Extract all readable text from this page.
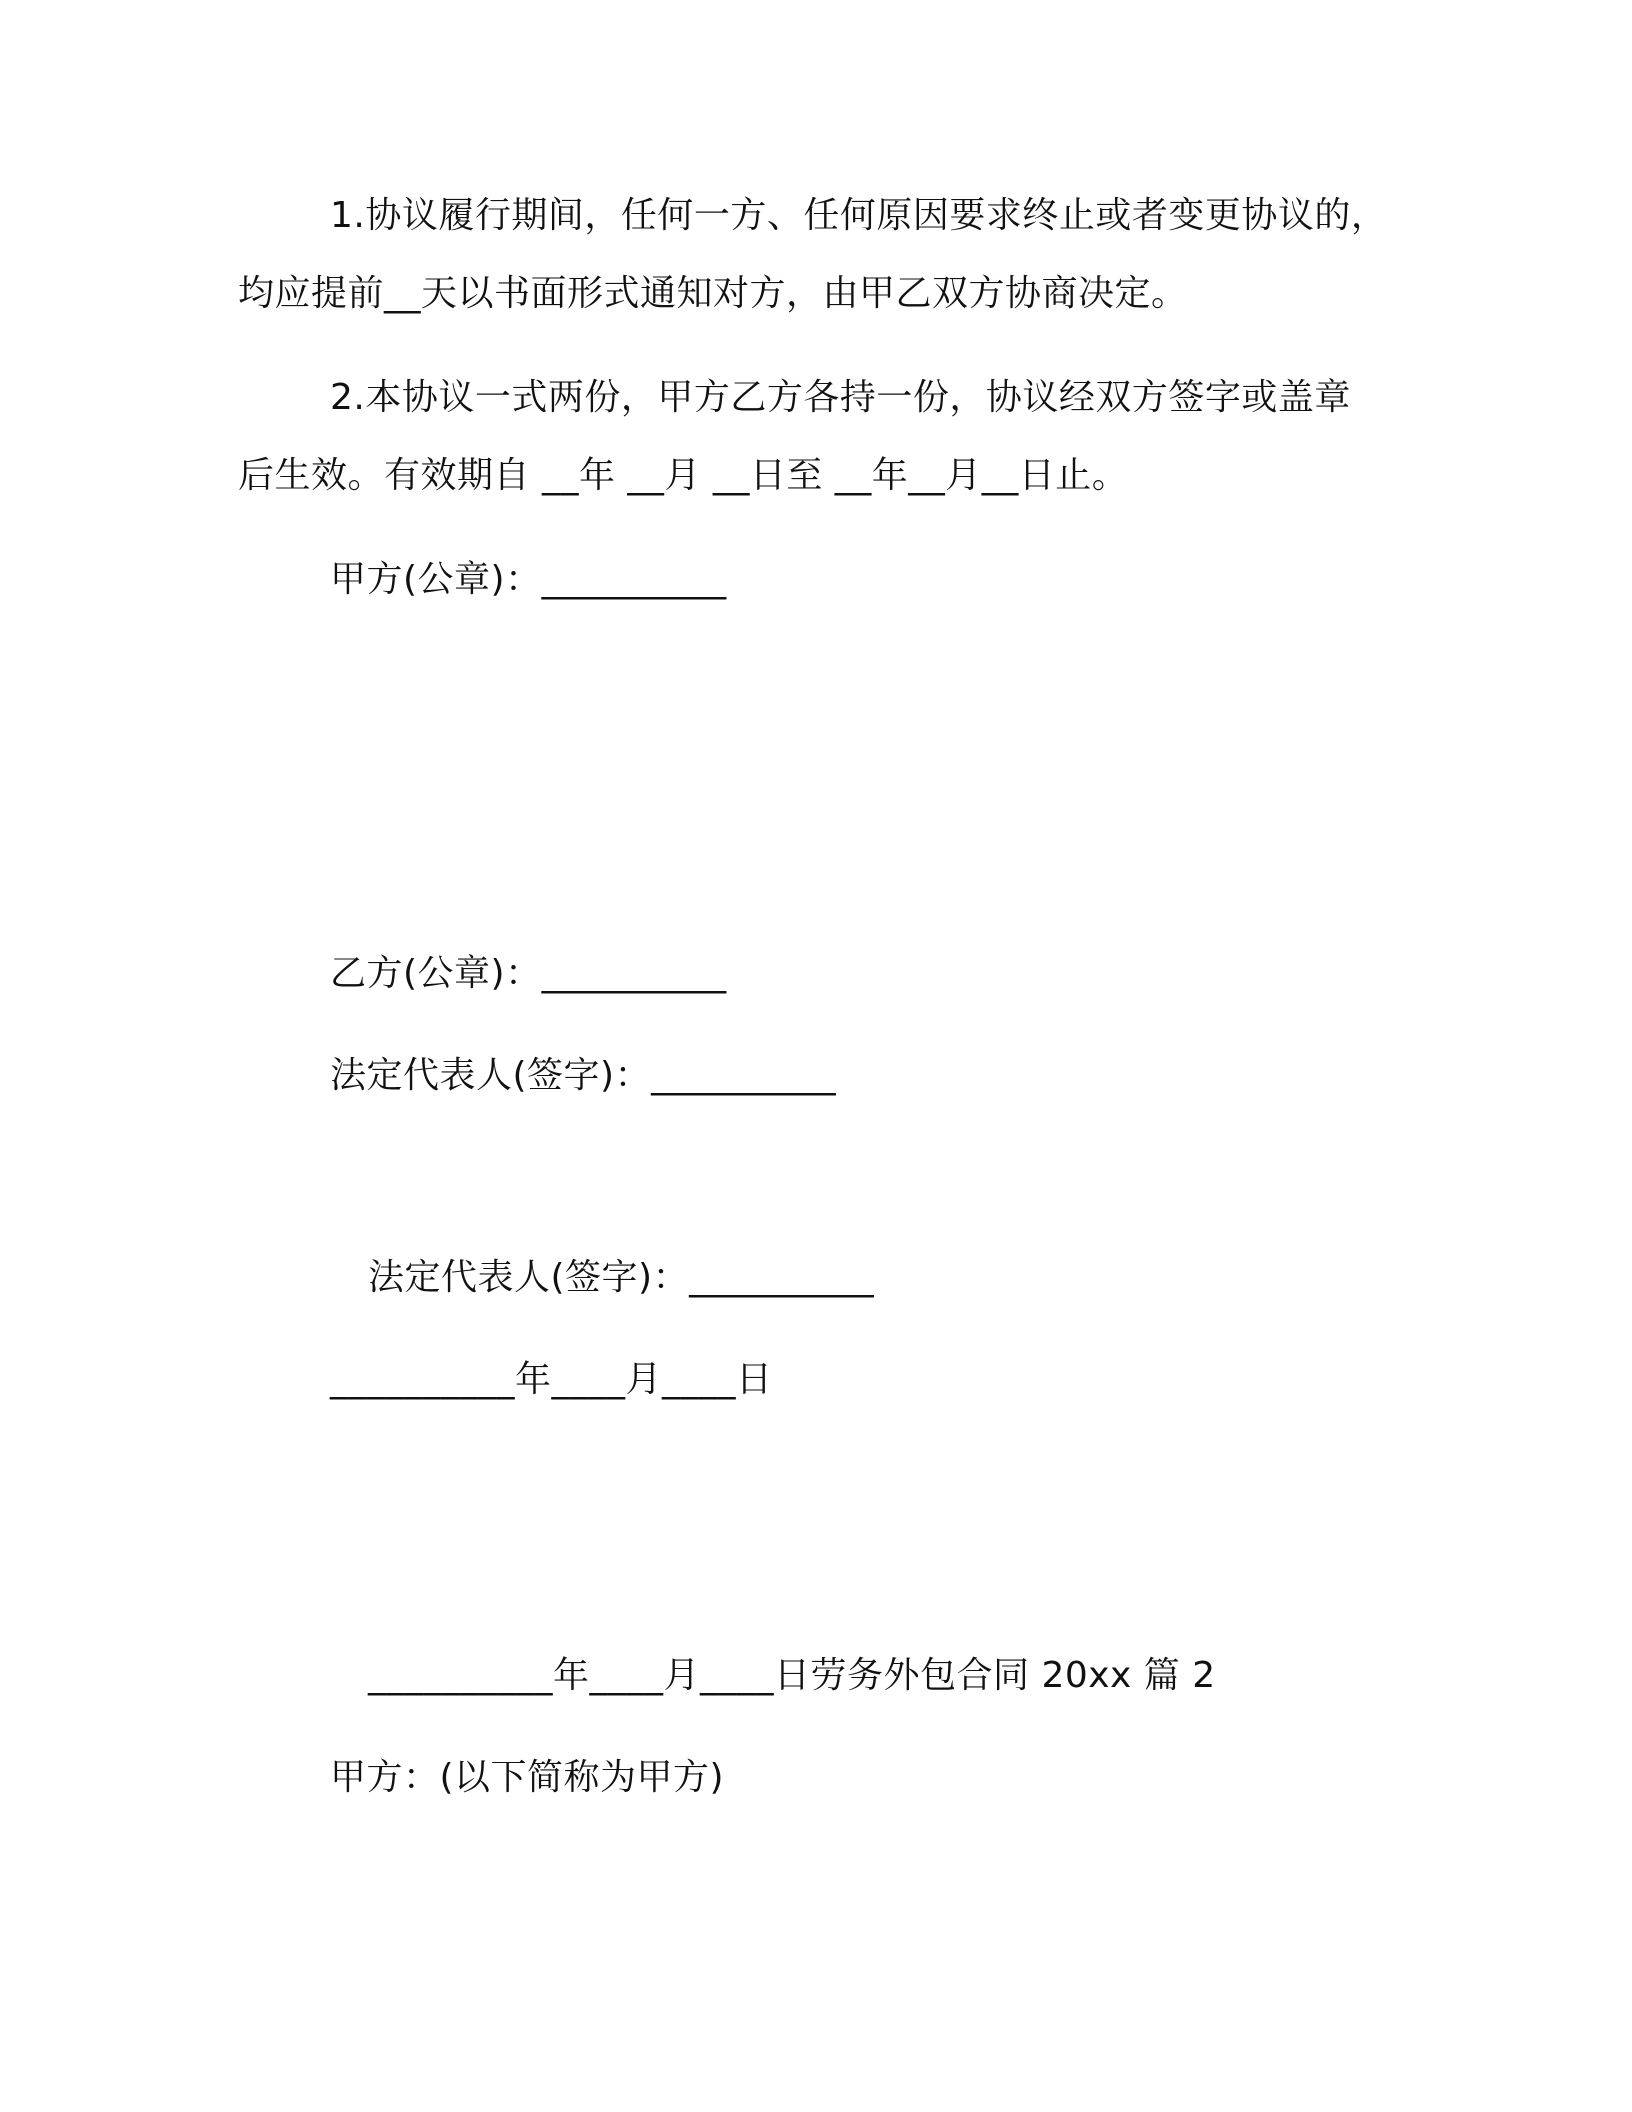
1.协议履行期间，任何一方、任何原因要求终止或者变更协议的，
均应提前__天以书面形式通知对方，由甲乙双方协商决定。
2.本协议一式两份，甲方乙方各持一份，协议经双方签字或盖章
后生效。有效期自 __年 __月 __日至 __年__月__日止。
甲方(公章)：__________
乙方(公章)：__________
法定代表人(签字)：__________
法定代表人(签字)：__________
__________年____月____日
__________年____月____日劳务外包合同 20xx 篇 2
甲方：(以下简称为甲方)
